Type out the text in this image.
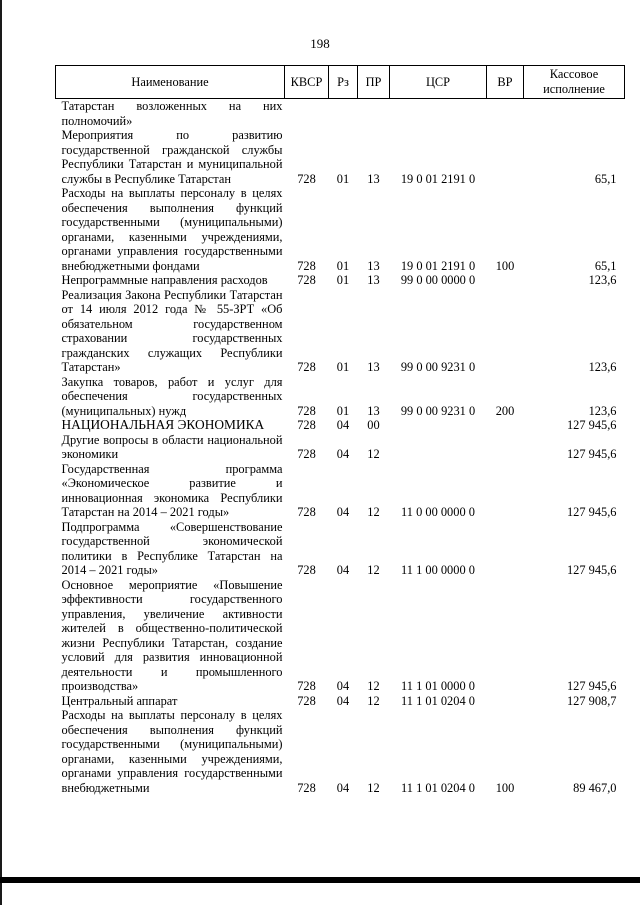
198
Наименование	КВСР	Рз	ПР	ЦСР	ВР	Кассовое исполнение
Татарстан возложенных на них полномочий»						
Мероприятия по развитию государственной гражданской службы Республики Татарстан и муниципальной службы в Республике Татарстан	728	01	13	19 0 01 2191 0		65,1
Расходы на выплаты персоналу в целях обеспечения выполнения функций государственными (муниципальными) органами, казенными учреждениями, органами управления государственными внебюджетными фондами	728	01	13	19 0 01 2191 0	100	65,1
Непрограммные направления расходов	728	01	13	99 0 00 0000 0		123,6
Реализация Закона Республики Татарстан от 14 июля 2012 года № 55-ЗРТ «Об обязательном государственном страховании государственных гражданских служащих Республики Татарстан»	728	01	13	99 0 00 9231 0		123,6
Закупка товаров, работ и услуг для обеспечения государственных (муниципальных) нужд	728	01	13	99 0 00 9231 0	200	123,6
НАЦИОНАЛЬНАЯ ЭКОНОМИКА	728	04	00			127 945,6
Другие вопросы в области национальной экономики	728	04	12			127 945,6
Государственная программа «Экономическое развитие и инновационная экономика Республики Татарстан на 2014 – 2021 годы»	728	04	12	11 0 00 0000 0		127 945,6
Подпрограмма «Совершенствование государственной экономической политики в Республике Татарстан на 2014 – 2021 годы»	728	04	12	11 1 00 0000 0		127 945,6
Основное мероприятие «Повышение эффективности государственного управления, увеличение активности жителей в общественно-политической жизни Республики Татарстан, создание условий для развития инновационной деятельности и промышленного производства»	728	04	12	11 1 01 0000 0		127 945,6
Центральный аппарат	728	04	12	11 1 01 0204 0		127 908,7
Расходы на выплаты персоналу в целях обеспечения выполнения функций государственными (муниципальными) органами, казенными учреждениями, органами управления государственными внебюджетными	728	04	12	11 1 01 0204 0	100	89 467,0
